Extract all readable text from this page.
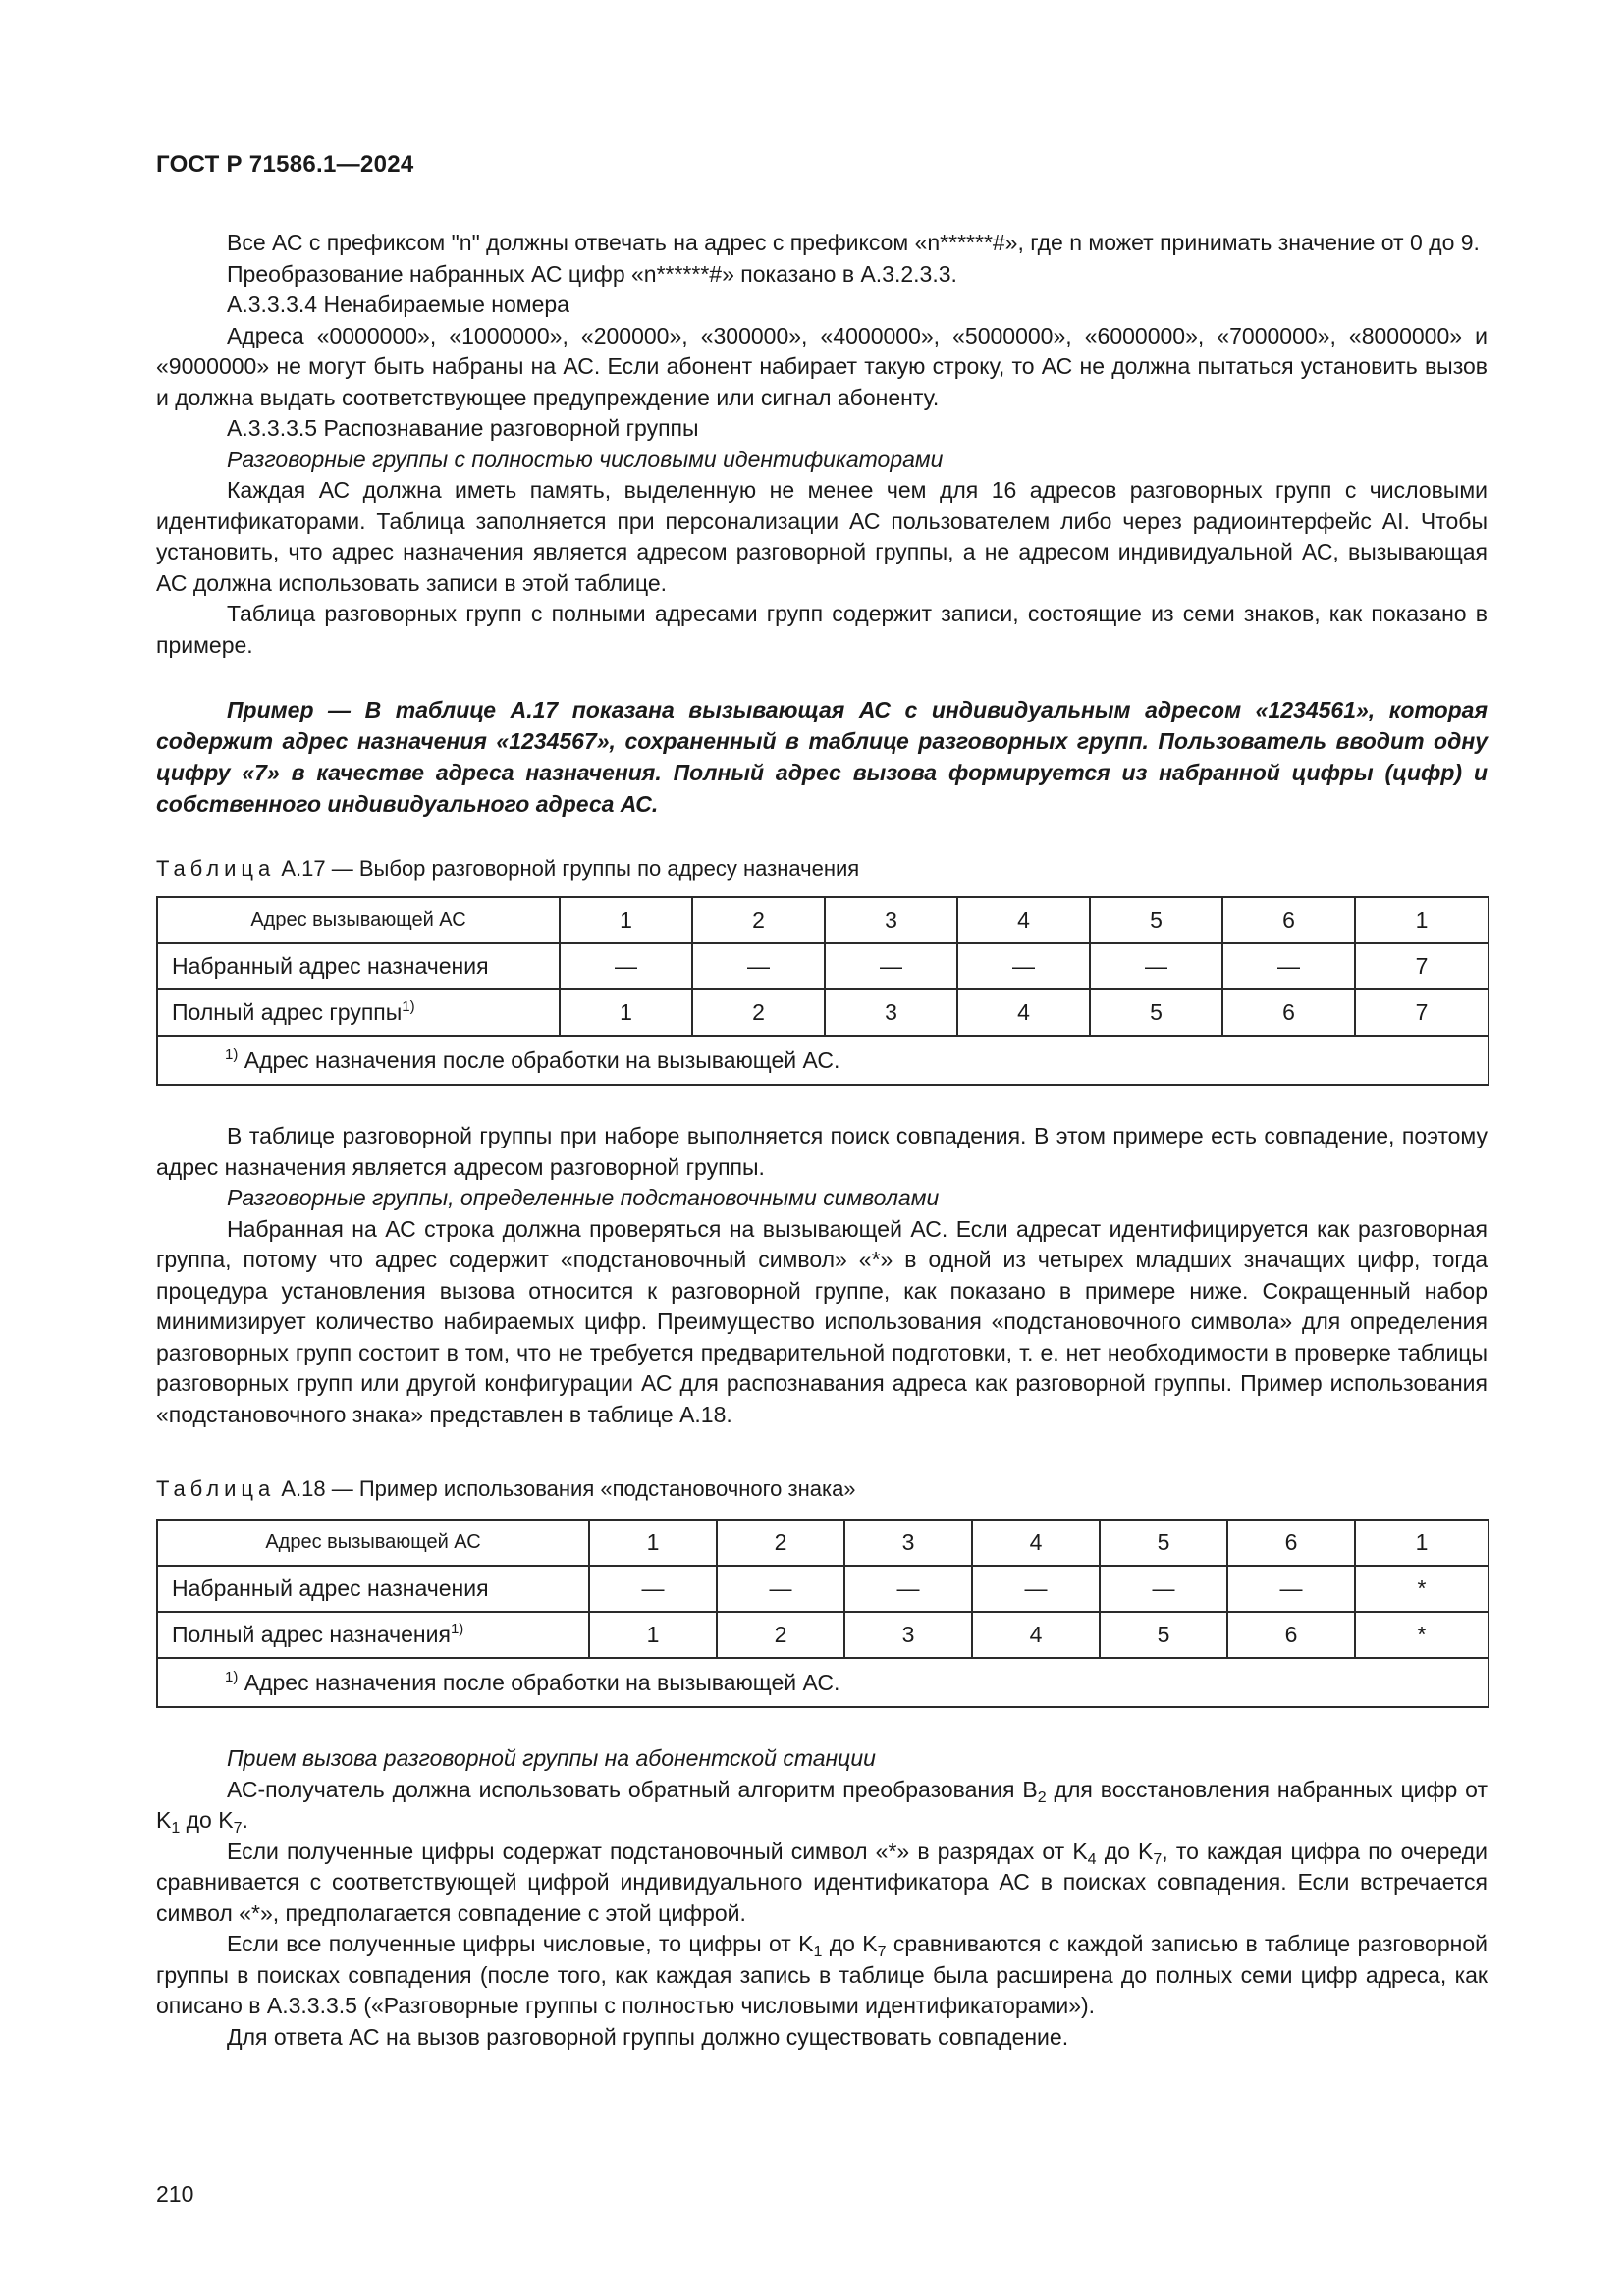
ГОСТ Р 71586.1—2024

Все АС с префиксом "n" должны отвечать на адрес с префиксом «n******#», где n может принимать значение от 0 до 9.

Преобразование набранных АС цифр «n******#» показано в А.3.2.3.3.

А.3.3.3.4 Ненабираемые номера

Адреса «0000000», «1000000», «200000», «300000», «4000000», «5000000», «6000000», «7000000», «8000000» и «9000000» не могут быть набраны на АС. Если абонент набирает такую строку, то АС не должна пытаться установить вызов и должна выдать соответствующее предупреждение или сигнал абоненту.

А.3.3.3.5 Распознавание разговорной группы

Разговорные группы с полностью числовыми идентификаторами

Каждая АС должна иметь память, выделенную не менее чем для 16 адресов разговорных групп с числовыми идентификаторами. Таблица заполняется при персонализации АС пользователем либо через радиоинтерфейс AI. Чтобы установить, что адрес назначения является адресом разговорной группы, а не адресом индивидуальной АС, вызывающая АС должна использовать записи в этой таблице.

Таблица разговорных групп с полными адресами групп содержит записи, состоящие из семи знаков, как показано в примере.

Пример — В таблице А.17 показана вызывающая АС с индивидуальным адресом «1234561», которая содержит адрес назначения «1234567», сохраненный в таблице разговорных групп. Пользователь вводит одну цифру «7» в качестве адреса назначения. Полный адрес вызова формируется из набранной цифры (цифр) и собственного индивидуального адреса АС.

Таблица А.17 — Выбор разговорной группы по адресу назначения
Адрес вызывающей АС	1	2	3	4	5	6	1
Набранный адрес назначения	—	—	—	—	—	—	7
Полный адрес группы$^{1)}$	1	2	3	4	5	6	7
$^{1)}$ Адрес назначения после обработки на вызывающей АС.							

В таблице разговорной группы при наборе выполняется поиск совпадения. В этом примере есть совпадение, поэтому адрес назначения является адресом разговорной группы.

Разговорные группы, определенные подстановочными символами

Набранная на АС строка должна проверяться на вызывающей АС. Если адресат идентифицируется как разговорная группа, потому что адрес содержит «подстановочный символ» «*» в одной из четырех младших значащих цифр, тогда процедура установления вызова относится к разговорной группе, как показано в примере ниже. Сокращенный набор минимизирует количество набираемых цифр. Преимущество использования «подстановочного символа» для определения разговорных групп состоит в том, что не требуется предварительной подготовки, т. е. нет необходимости в проверке таблицы разговорных групп или другой конфигурации АС для распознавания адреса как разговорной группы. Пример использования «подстановочного знака» представлен в таблице А.18.

Таблица А.18 — Пример использования «подстановочного знака»
Адрес вызывающей АС	1	2	3	4	5	6	1
Набранный адрес назначения	—	—	—	—	—	—	*
Полный адрес назначения$^{1)}$	1	2	3	4	5	6	*
$^{1)}$ Адрес назначения после обработки на вызывающей АС.							

Прием вызова разговорной группы на абонентской станции

АС-получатель должна использовать обратный алгоритм преобразования $B_2$ для восстановления набранных цифр от $K_1$ до $K_7$.

Если полученные цифры содержат подстановочный символ «*» в разрядах от $K_4$ до $K_7$, то каждая цифра по очереди сравнивается с соответствующей цифрой индивидуального идентификатора АС в поисках совпадения. Если встречается символ «*», предполагается совпадение с этой цифрой.

Если все полученные цифры числовые, то цифры от $K_1$ до $K_7$ сравниваются с каждой записью в таблице разговорной группы в поисках совпадения (после того, как каждая запись в таблице была расширена до полных семи цифр адреса, как описано в А.3.3.3.5 («Разговорные группы с полностью числовыми идентификаторами»).

Для ответа АС на вызов разговорной группы должно существовать совпадение.

210
